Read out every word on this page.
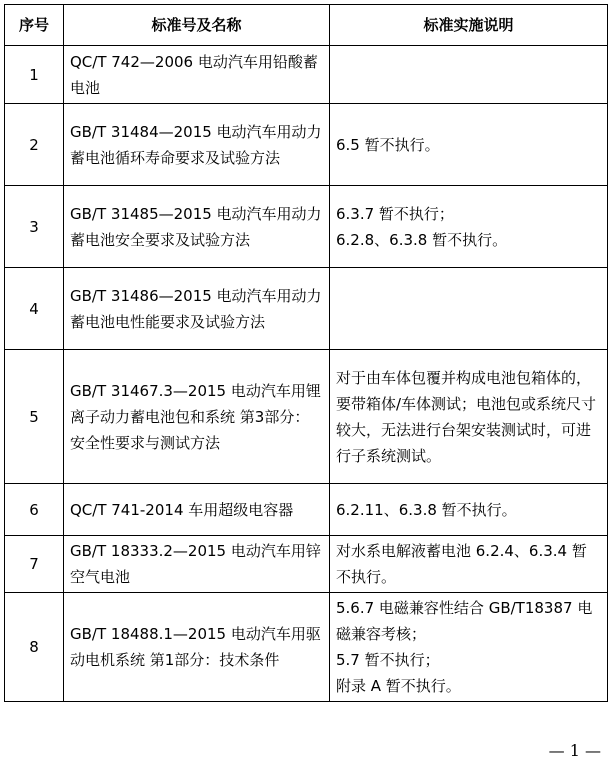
序号	标准号及名称	标准实施说明
1	QC/T 742—2006 电动汽车用铅酸蓄电池	
2	GB/T 31484—2015 电动汽车用动力蓄电池循环寿命要求及试验方法	6.5 暂不执行。

3	GB/T 31485—2015 电动汽车用动力蓄电池安全要求及试验方法	6.3.7 暂不执行；
6.2.8、6.3.8 暂不执行。

4	GB/T 31486—2015 电动汽车用动力蓄电池电性能要求及试验方法	
5	GB/T 31467.3—2015 电动汽车用锂离子动力蓄电池包和系统 第3部分：安全性要求与测试方法	对于由车体包覆并构成电池包箱体的，要带箱体/车体测试；电池包或系统尺寸较大，无法进行台架安装测试时，可进行子系统测试。

6	QC/T 741-2014 车用超级电容器	6.2.11、6.3.8 暂不执行。

7	GB/T 18333.2—2015 电动汽车用锌空气电池	对水系电解液蓄电池 6.2.4、6.3.4 暂不执行。

8	GB/T 18488.1—2015 电动汽车用驱动电机系统 第1部分：技术条件	5.6.7 电磁兼容性结合 GB/T18387 电磁兼容考核；
5.7 暂不执行；
附录 A 暂不执行。
— 1 —
